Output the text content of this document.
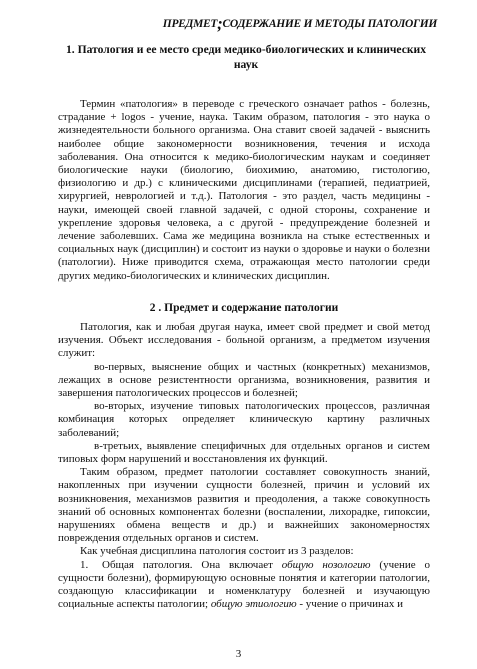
ПРЕДМЕТ;СОДЕРЖАНИЕ И МЕТОДЫ ПАТОЛОГИИ
1. Патология и ее место среди медико-биологических и клинических наук

Термин «патология» в переводе с греческого означает pathos - болезнь, страдание + logos - учение, наука. Таким образом, патология - это наука о жизнедеятельности больного организма. Она ставит своей задачей - выяснить наиболее общие закономерности возникновения, течения и исхода заболевания. Она относится к медико-биологическим наукам и соединяет биологические науки (биологию, биохимию, анатомию, гистологию, физиологию и др.) с клиническими дисциплинами (терапией, педиатрией, хирургией, неврологией и т.д.). Патология - это раздел, часть медицины - науки, имеющей своей главной задачей, с одной стороны, сохранение и укрепление здоровья человека, а с другой - предупреждение болезней и лечение заболевших. Сама же медицина возникла на стыке естественных и социальных наук (дисциплин) и состоит из науки о здоровье и науки о болезни (патологии). Ниже приводится схема, отражающая место патологии среди других медико-биологических и клинических дисциплин.

2 . Предмет и содержание патологии

Патология, как и любая другая наука, имеет свой предмет и свой метод изучения. Объект исследования - больной организм, а предметом изучения служит:

во-первых, выяснение общих и частных (конкретных) механизмов, лежащих в основе резистентности организма, возникновения, развития и завершения патологических процессов и болезней;

во-вторых, изучение типовых патологических процессов, различная комбинация которых определяет клиническую картину различных заболеваний;

в-третьих, выявление специфичных для отдельных органов и систем типовых форм нарушений и восстановления их функций.

Таким образом, предмет патологии составляет совокупность знаний, накопленных при изучении сущности болезней, причин и условий их возникновения, механизмов развития и преодоления, а также совокупность знаний об основных компонентах болезни (воспалении, лихорадке, гипоксии, нарушениях обмена веществ и др.) и важнейших закономерностях повреждения отдельных органов и систем.

Как учебная дисциплина патология состоит из 3 разделов:

1. Общая патология. Она включает общую нозологию (учение о сущности болезни), формирующую основные понятия и категории патологии, создающую классификации и номенклатуру болезней и изучающую социальные аспекты патологии; общую этиологию - учение о причинах и

3
